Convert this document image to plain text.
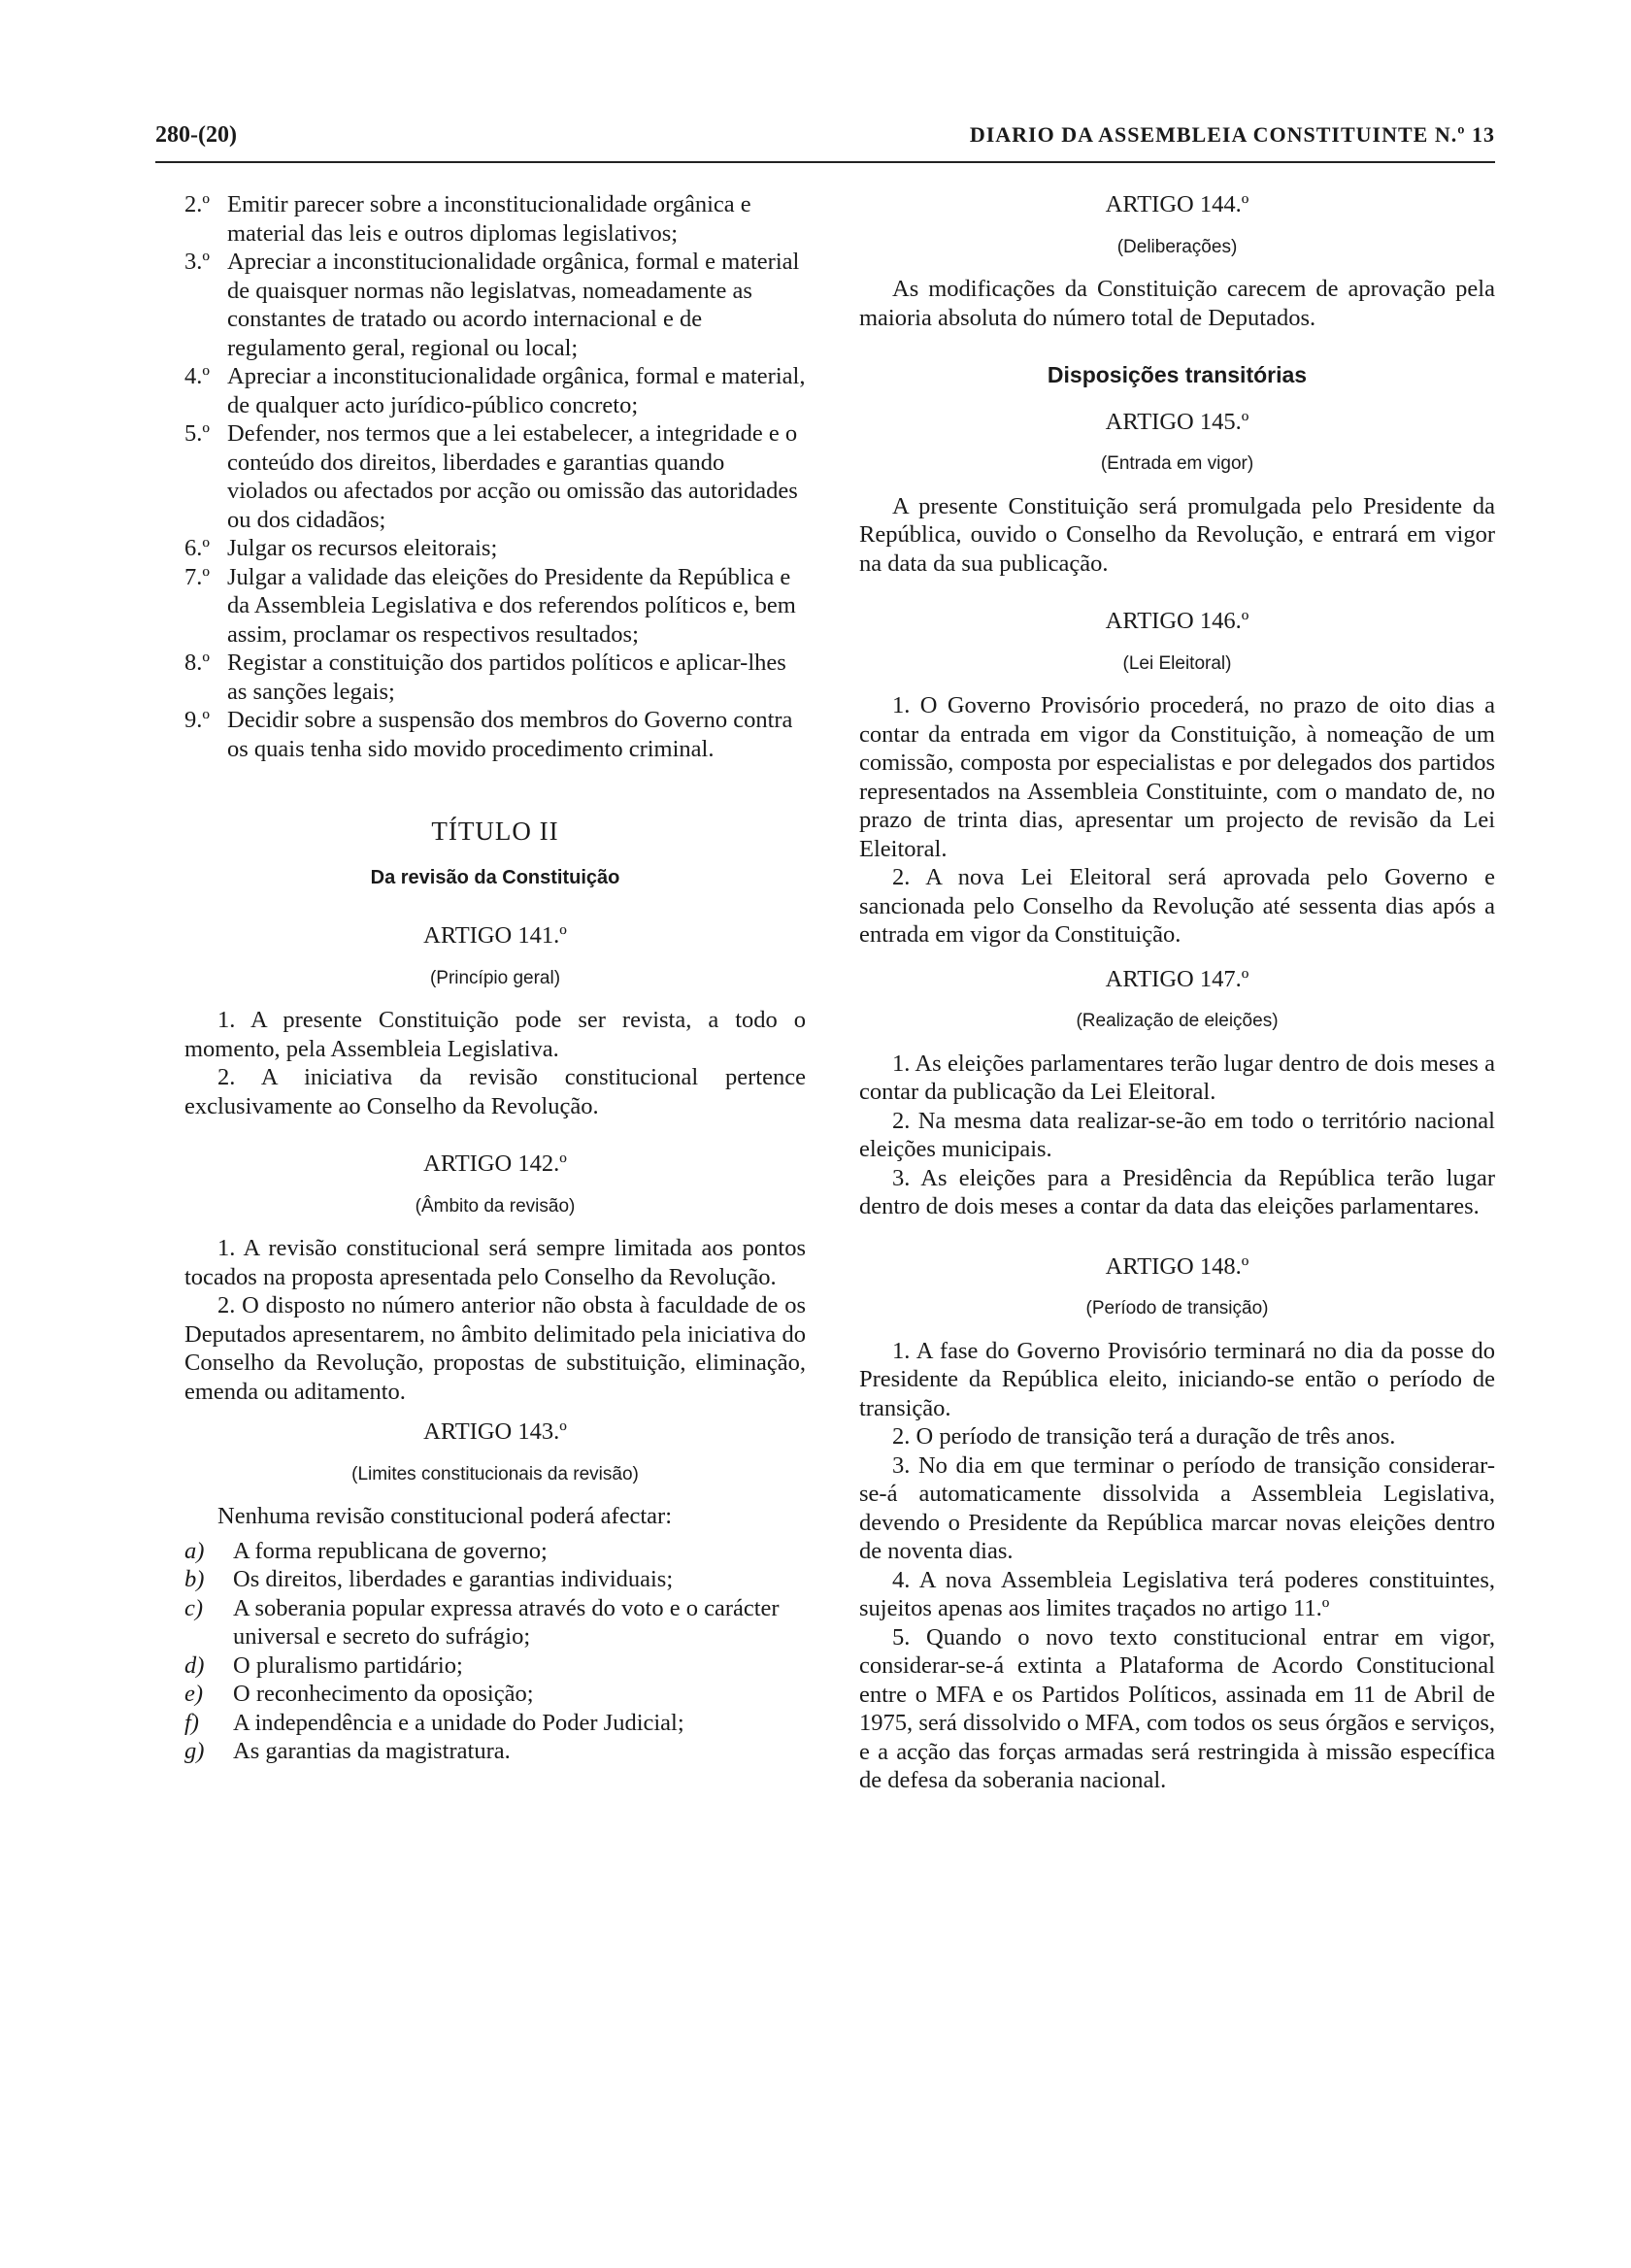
280-(20)	DIARIO DA ASSEMBLEIA CONSTITUINTE N.º 13
2.º Emitir parecer sobre a inconstitucionalidade orgânica e material das leis e outros diplomas legislativos;
3.º Apreciar a inconstitucionalidade orgânica, formal e material de quaisquer normas não legislatvas, nomeadamente as constantes de tratado ou acordo internacional e de regulamento geral, regional ou local;
4.º Apreciar a inconstitucionalidade orgânica, formal e material, de qualquer acto jurídico-público concreto;
5.º Defender, nos termos que a lei estabelecer, a integridade e o conteúdo dos direitos, liberdades e garantias quando violados ou afectados por acção ou omissão das autoridades ou dos cidadãos;
6.º Julgar os recursos eleitorais;
7.º Julgar a validade das eleições do Presidente da República e da Assembleia Legislativa e dos referendos políticos e, bem assim, proclamar os respectivos resultados;
8.º Registar a constituição dos partidos políticos e aplicar-lhes as sanções legais;
9.º Decidir sobre a suspensão dos membros do Governo contra os quais tenha sido movido procedimento criminal.
TÍTULO II
Da revisão da Constituição
ARTIGO 141.º
(Princípio geral)
1. A presente Constituição pode ser revista, a todo o momento, pela Assembleia Legislativa.
2. A iniciativa da revisão constitucional pertence exclusivamente ao Conselho da Revolução.
ARTIGO 142.º
(Âmbito da revisão)
1. A revisão constitucional será sempre limitada aos pontos tocados na proposta apresentada pelo Conselho da Revolução.
2. O disposto no número anterior não obsta à faculdade de os Deputados apresentarem, no âmbito delimitado pela iniciativa do Conselho da Revolução, propostas de substituição, eliminação, emenda ou aditamento.
ARTIGO 143.º
(Limites constitucionais da revisão)
Nenhuma revisão constitucional poderá afectar:
a) A forma republicana de governo;
b) Os direitos, liberdades e garantias individuais;
c) A soberania popular expressa através do voto e o carácter universal e secreto do sufrágio;
d) O pluralismo partidário;
e) O reconhecimento da oposição;
f) A independência e a unidade do Poder Judicial;
g) As garantias da magistratura.
ARTIGO 144.º
(Deliberações)
As modificações da Constituição carecem de aprovação pela maioria absoluta do número total de Deputados.
Disposições transitórias
ARTIGO 145.º
(Entrada em vigor)
A presente Constituição será promulgada pelo Presidente da República, ouvido o Conselho da Revolução, e entrará em vigor na data da sua publicação.
ARTIGO 146.º
(Lei Eleitoral)
1. O Governo Provisório procederá, no prazo de oito dias a contar da entrada em vigor da Constituição, à nomeação de um comissão, composta por especialistas e por delegados dos partidos representados na Assembleia Constituinte, com o mandato de, no prazo de trinta dias, apresentar um projecto de revisão da Lei Eleitoral.
2. A nova Lei Eleitoral será aprovada pelo Governo e sancionada pelo Conselho da Revolução até sessenta dias após a entrada em vigor da Constituição.
ARTIGO 147.º
(Realização de eleições)
1. As eleições parlamentares terão lugar dentro de dois meses a contar da publicação da Lei Eleitoral.
2. Na mesma data realizar-se-ão em todo o território nacional eleições municipais.
3. As eleições para a Presidência da República terão lugar dentro de dois meses a contar da data das eleições parlamentares.
ARTIGO 148.º
(Período de transição)
1. A fase do Governo Provisório terminará no dia da posse do Presidente da República eleito, iniciando-se então o período de transição.
2. O período de transição terá a duração de três anos.
3. No dia em que terminar o período de transição considerar-se-á automaticamente dissolvida a Assembleia Legislativa, devendo o Presidente da República marcar novas eleições dentro de noventa dias.
4. A nova Assembleia Legislativa terá poderes constituintes, sujeitos apenas aos limites traçados no artigo 11.º
5. Quando o novo texto constitucional entrar em vigor, considerar-se-á extinta a Plataforma de Acordo Constitucional entre o MFA e os Partidos Políticos, assinada em 11 de Abril de 1975, será dissolvido o MFA, com todos os seus órgãos e serviços, e a acção das forças armadas será restringida à missão específica de defesa da soberania nacional.
